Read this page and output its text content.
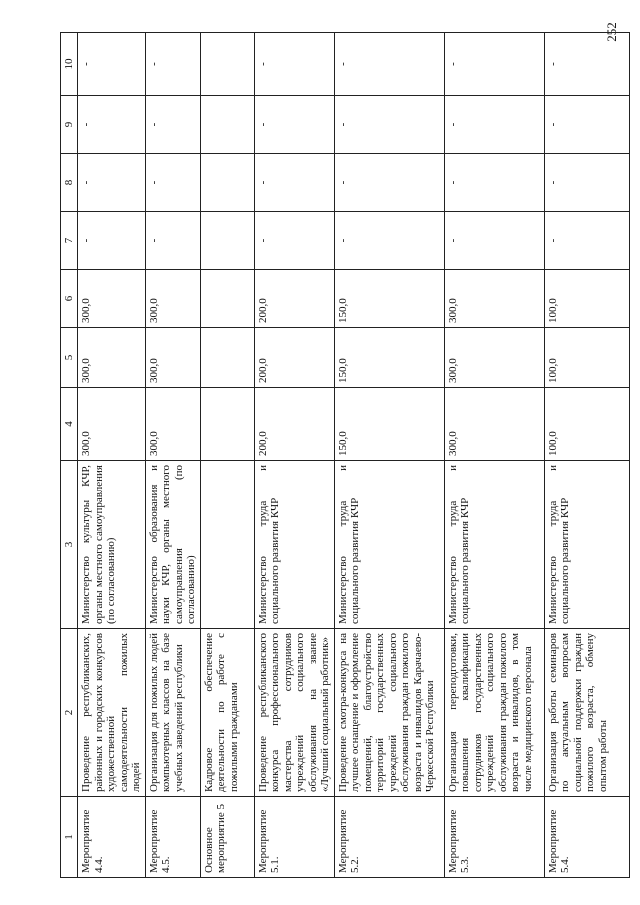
252
1	2	3	4	5	6	7	8	9	10
Мероприятие 4.4.	Проведение республиканских, районных и городских конкурсов художественной самодеятельности пожилых людей	Министерство культуры КЧР, органы местного самоуправления (по согласованию)	300,0	300,0	300,0	-	-	-	-
Мероприятие 4.5.	Организация для пожилых людей компьютерных классов на базе учебных заведений республики	Министерство образования и науки КЧР, органы местного самоуправления (по согласованию)	300,0	300,0	300,0	-	-	-	-
Основное мероприятие 5	Кадровое обеспечение деятельности по работе с пожилыми гражданами								
Мероприятие 5.1.	Проведение республиканского конкурса профессионального мастерства сотрудников учреждений социального обслуживания на звание «Лучший социальный работник»	Министерство труда и социального развития КЧР	200,0	200,0	200,0	-	-	-	-
Мероприятие 5.2.	Проведение смотра-конкурса на лучшее оснащение и оформление помещений, благоустройство территорий государственных учреждений социального обслуживания граждан пожилого возраста и инвалидов Карачаево-Черкесской Республики	Министерство труда и социального развития КЧР	150,0	150,0	150,0	-	-	-	-
Мероприятие 5.3.	Организация переподготовки, повышения квалификации сотрудников государственных учреждений социального обслуживания граждан пожилого возраста и инвалидов, в том числе медицинского персонала	Министерство труда и социального развития КЧР	300,0	300,0	300,0	-	-	-	-
Мероприятие 5.4.	Организация работы семинаров по актуальным вопросам социальной поддержки граждан пожилого возраста, обмену опытом работы	Министерство труда и социального развития КЧР	100,0	100,0	100,0	-	-	-	-
